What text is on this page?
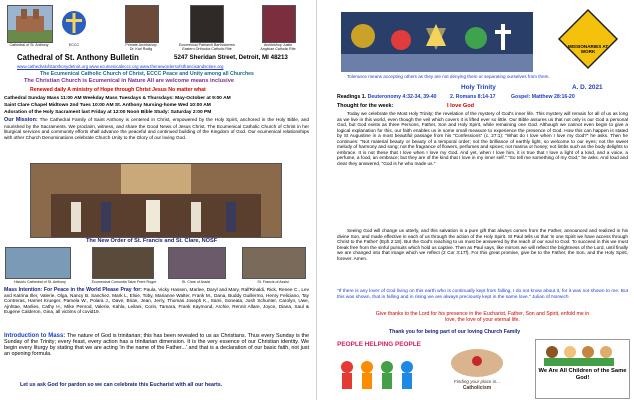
Cathedral of St. Anthony	ECCC	Primate Archbishop
Dr. Karl Rodig
Ecumenical Patriarch Bartholomew
Eastern Orthodox Catholic Rite
Archbishop Justin
Anglican Catholic Rite
Cathedral of St. Anthony Bulletin	5247 Sheridan Street, Detroit, MI 48213
www.cathedralofstanthonydetroit.org www.ecumenicaleccc.org www.thenewordersofstfrancisandsclare.org
The Ecumenical Catholic Church of Christ, ECCC Peace and Unity among all Churches
The Christian Church is Ecumenical in Nature All are welcome means inclusive
Renewed daily A ministry of Hope through Christ Jesus No matter what
Cathedral Sunday Mass 11:00 AM Weekday Mass Tuesdays & Thursdays: May-October at 9:00 AM
Saint Clare Chapel Midtown 2nd Tues 10:00 AM St. Anthony Nursing-home Wed 10:00 AM
Adoration of the Holy Sacrament last Friday at 12:00 Noon Bible Study: Saturday 2:00 PM
Our Mission: The Cathedral Family of Saint Anthony is centered in Christ, empowered by the Holy Spirit, anchored in the Holy Bible, and nourished by the Sacraments. We proclaim, witness, and share the Good News of Jesus Christ. The Ecumenical Catholic Church of Christ in her liturgical services and community efforts shall advance the peaceful and continued building of the Kingdom of God. Our ecumenical relationships with other Church Denominations celebrate Church Unity to the Glory of our loving God.
The New Order of St. Francis and St. Clare, NOSF
Historic Cathedral of St. Anthony	Ecumenical Comunita Taize Frere Roger	St. Clare of Assisi	St. Francis of Assisi
Mass Intention: For Peace in the World Please Pray for: Paula, Vicky Hassen, Marlee, Daryl and Mary, RalfRinaldi, Rick, Renee C., Lev and Katrina Iller, Valerie, Olga, Nancy B. Sanchez, Mark L, Elsie, Toby, Marianne Walter, Frank M., Dana, Buddy Guillermo, Henry Feliciano, Tay Contreras, Harriet Krueger, Pamela W., Polara J., Dave, Brian, Jean, Jerry, Thomas Joseph K., Sami, Soneata, Josh Schunter, Carolyn, Uwe, Ajnhtae, Marlies, Cathy H., Mike Penrod, Valerie, Kahla, Leilani, Corin, Tamara, Frank Kaymond, Archie, Rennit Allare, Joyce, Diana, Saul & Eugene Calderon, Gina, all victims of covid19.
Introduction to Mass: The nature of God is trinitarian; this has been revealed to us as Christians. Thus every Sunday is the Sunday of the Trinity; every feast, every action has a trinitarian dimension. It is the very essence of our Christian identity. We begin every liturgy by stating that we are acting 'in the name of the Father...' and that is a declaration of our basic faith, not just an opening formula.
Let us ask God for pardon so we can celebrate this Eucharist with all our hearts.
MISSIONARIES AT WORK
Tolerance means accepting others as they are not denying them or separating ourselves from them.
Holy Trinity	A. D. 2021
Readings 1. Deuteronomy 4:32-34, 39-40	2. Romans 8:14-17	Gospel: Matthew 28:16-20
Thought for the week:	I love God
Today we celebrate the Most Holy Trinity; the revelation of the mystery of God's inner life. This mystery will remain for all of us as long as we live in this world, even though the veil which covers it is lifted ever so little. Our Bible assures us that not only is our God a personal God, but God exists as three Persons, Father, Son and Holy Spirit, while remaining one God. Although we cannot even begin to give a logical explanation for this, our faith enables us in some small measure to experience the presence of God. How this can happen is stated by St Augustine in a most beautiful passage from his "Confessions" (c. 27:1): "What do I love when I love my God?" he asks. Then he continues: "Not material beauty or beauty of a temporal order; not the brilliance of earthly light, so welcome to our eyes; not the sweet melody of harmony and song; not the fragrance of flowers, perfumes and spices; not manna or honey; not limbs such as the body delights to embrace. It is not these that I love when I love my God. And yet, when I love him, it is true that I love a light of a kind, and a voice, a perfume, a food, an embrace; but they are of the kind that I love in my inner self." "So tell me something of my God," he asks. And loud and clear they answered, "God is he who made us."
Seeing God will change us utterly, and this salvation is a pure gift that always comes from the Father, announced and realized in his divine Son, and made effective in each of us through the action of the Holy Spirit. St Paul tells us that 'in one Spirit we have access through Christ to the Father' (Eph 2:18). But the God's reaching to us must be answered by the reach of our soul to God. To succeed in this we must break free from the sinful pursuits which hold us captive. Then as Paul says, like mirrors we will reflect the brightness of the Lord, until finally we are changed into that image which we reflect (2 Cor 3:17f). For this great promise, give be to the Father, the Son, and the Holy Spirit, forever. Amen.
"If there is any lover of God living on this earth who is continually kept from falling, I do not know about it, for it was not shown to me. But this was shown, that in falling and in rising we are always preciously kept in the same love." Julian of Norwich
Give thanks to the Lord for his presence in the Eucharist, Father, Son and Spirit, enfold me in love, the love of your eternal life.
Thank you for being part of our loving Church Family
PEOPLE HELPING PEOPLE
Finding your place in...
Catholicism
We Are All Children of the Same God!
